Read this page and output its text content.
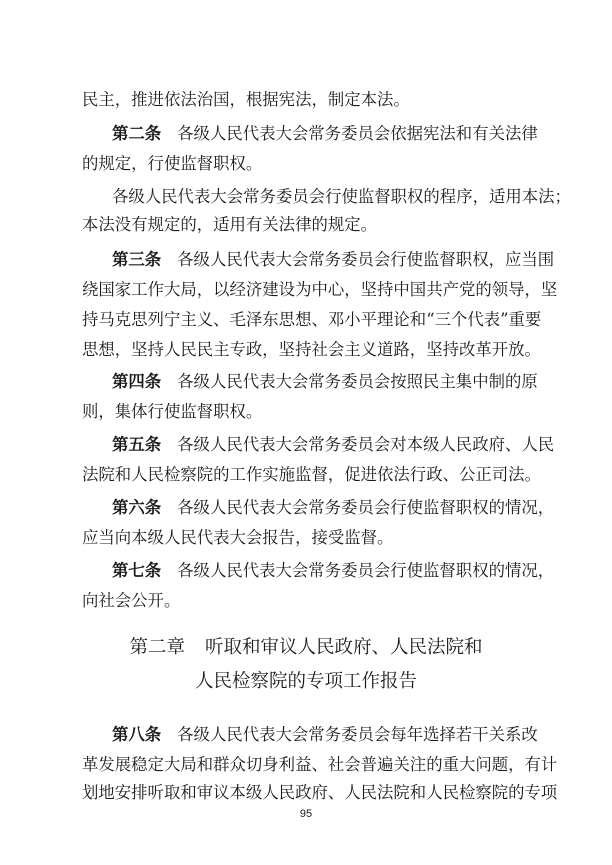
民主，推进依法治国，根据宪法，制定本法。
第二条 各级人民代表大会常务委员会依据宪法和有关法律
的规定，行使监督职权。
各级人民代表大会常务委员会行使监督职权的程序，适用本法；
本法没有规定的，适用有关法律的规定。
第三条 各级人民代表大会常务委员会行使监督职权，应当围
绕国家工作大局，以经济建设为中心，坚持中国共产党的领导，坚
持马克思列宁主义、毛泽东思想、邓小平理论和“三个代表”重要
思想，坚持人民民主专政，坚持社会主义道路，坚持改革开放。
第四条 各级人民代表大会常务委员会按照民主集中制的原
则，集体行使监督职权。
第五条 各级人民代表大会常务委员会对本级人民政府、人民
法院和人民检察院的工作实施监督，促进依法行政、公正司法。
第六条 各级人民代表大会常务委员会行使监督职权的情况，
应当向本级人民代表大会报告，接受监督。
第七条 各级人民代表大会常务委员会行使监督职权的情况，
向社会公开。
第二章 听取和审议人民政府、人民法院和
人民检察院的专项工作报告
第八条 各级人民代表大会常务委员会每年选择若干关系改
革发展稳定大局和群众切身利益、社会普遍关注的重大问题，有计
划地安排听取和审议本级人民政府、人民法院和人民检察院的专项
95
